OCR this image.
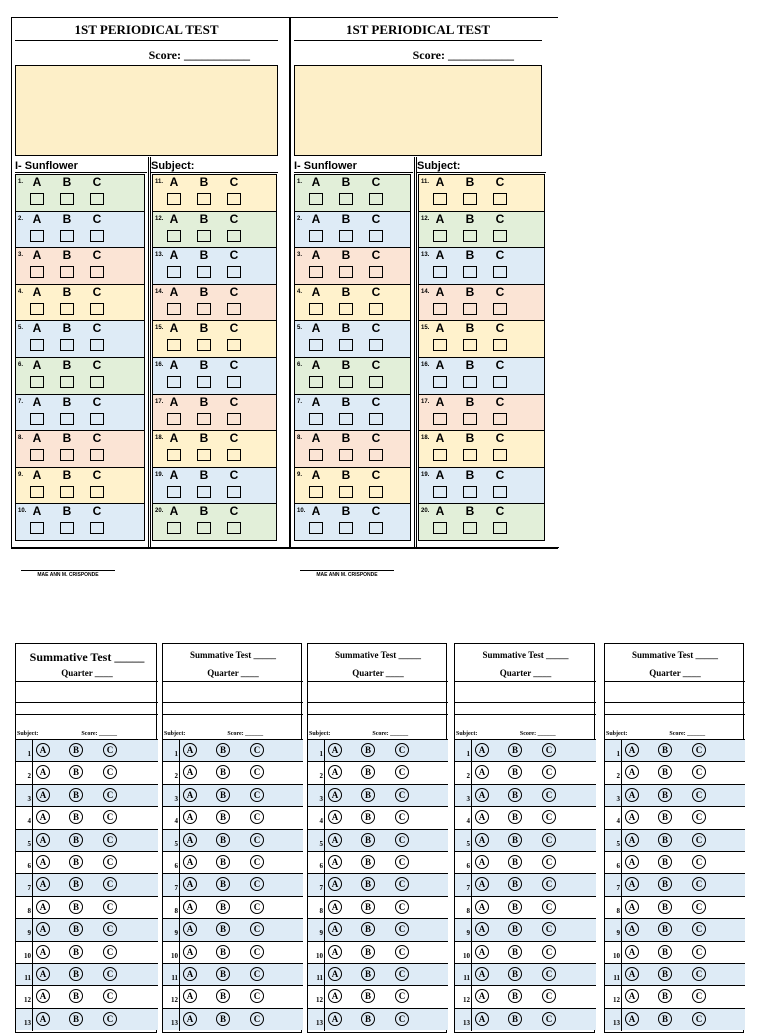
1ST PERIODICAL TEST
Score: ___________
I- Sunflower	Subject:
1. A B C
2. A B C
3. A B C
4. A B C
5. A B C
6. A B C
7. A B C
8. A B C
9. A B C
10. A B C
11. A B C
12. A B C
13. A B C
14. A B C
15. A B C
16. A B C
17. A B C
18. A B C
19. A B C
20. A B C
MAE ANN M. CRISPONDE
1ST PERIODICAL TEST
Score: ___________
I- Sunflower	Subject:
1. A B C
2. A B C
3. A B C
4. A B C
5. A B C
6. A B C
7. A B C
8. A B C
9. A B C
10. A B C
11. A B C
12. A B C
13. A B C
14. A B C
15. A B C
16. A B C
17. A B C
18. A B C
19. A B C
20. A B C
MAE ANN M. CRISPONDE
Summative Test _____
Quarter ____
Subject:	Score: ______
1 A	B	C
2 A	B	C
3 A	B	C
4 A	B	C
5 A	B	C
6 A	B	C
7 A	B	C
8 A	B	C
9 A	B	C
10 A	B	C
11 A	B	C
12 A	B	C
13 A	B	C
Summative Test _____
Quarter ____
Subject:	Score: ______
1 A	B	C
2 A	B	C
3 A	B	C
4 A	B	C
5 A	B	C
6 A	B	C
7 A	B	C
8 A	B	C
9 A	B	C
10 A	B	C
11 A	B	C
12 A	B	C
13 A	B	C
Summative Test _____
Quarter ____
Subject:	Score: ______
1 A	B	C
2 A	B	C
3 A	B	C
4 A	B	C
5 A	B	C
6 A	B	C
7 A	B	C
8 A	B	C
9 A	B	C
10 A	B	C
11 A	B	C
12 A	B	C
13 A	B	C
Summative Test _____
Quarter ____
Subject:	Score: ______
1 A	B	C
2 A	B	C
3 A	B	C
4 A	B	C
5 A	B	C
6 A	B	C
7 A	B	C
8 A	B	C
9 A	B	C
10 A	B	C
11 A	B	C
12 A	B	C
13 A	B	C
Summative Test _____
Quarter ____
Subject:	Score: ______
1 A	B	C
2 A	B	C
3 A	B	C
4 A	B	C
5 A	B	C
6 A	B	C
7 A	B	C
8 A	B	C
9 A	B	C
10 A	B	C
11 A	B	C
12 A	B	C
13 A	B	C
